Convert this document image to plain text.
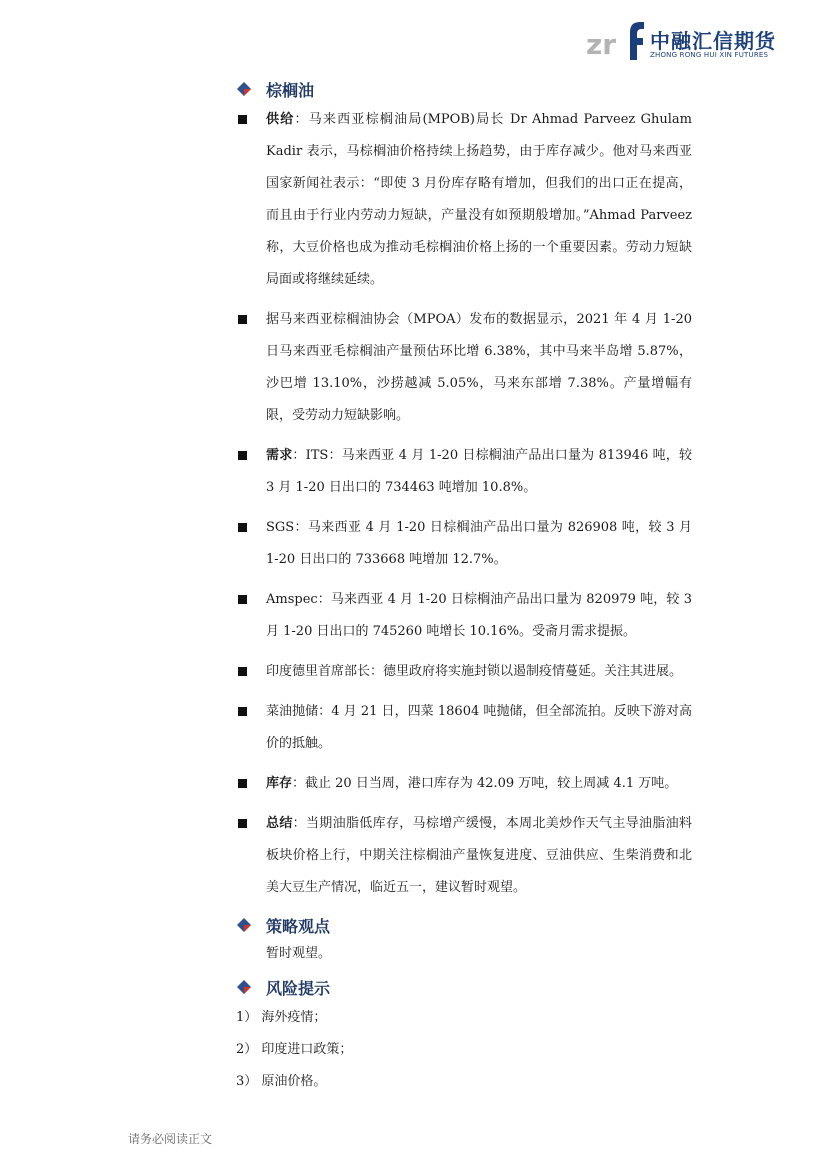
zr 中融汇信期货
ZHONG RONG HUI XIN FUTURES
棕榈油
供给：马来西亚棕榈油局(MPOB)局长 Dr Ahmad Parveez Ghulam Kadir 表示，马棕榈油价格持续上扬趋势，由于库存减少。他对马来西亚国家新闻社表示：“即使 3 月份库存略有增加，但我们的出口正在提高，而且由于行业内劳动力短缺，产量没有如预期般增加。”Ahmad Parveez 称，大豆价格也成为推动毛棕榈油价格上扬的一个重要因素。劳动力短缺局面或将继续延续。
据马来西亚棕榈油协会（MPOA）发布的数据显示，2021 年 4 月 1-20 日马来西亚毛棕榈油产量预估环比增 6.38%，其中马来半岛增 5.87%，沙巴增 13.10%，沙捞越减 5.05%，马来东部增 7.38%。产量增幅有限，受劳动力短缺影响。
需求：ITS：马来西亚 4 月 1-20 日棕榈油产品出口量为 813946 吨，较 3 月 1-20 日出口的 734463 吨增加 10.8%。
SGS：马来西亚 4 月 1-20 日棕榈油产品出口量为 826908 吨，较 3 月 1-20 日出口的 733668 吨增加 12.7%。
Amspec：马来西亚 4 月 1-20 日棕榈油产品出口量为 820979 吨，较 3 月 1-20 日出口的 745260 吨增长 10.16%。受斋月需求提振。
印度德里首席部长：德里政府将实施封锁以遏制疫情蔓延。关注其进展。
菜油抛储：4 月 21 日，四菜 18604 吨抛储，但全部流拍。反映下游对高价的抵触。
库存：截止 20 日当周，港口库存为 42.09 万吨，较上周减 4.1 万吨。
总结：当期油脂低库存，马棕增产缓慢，本周北美炒作天气主导油脂油料板块价格上行，中期关注棕榈油产量恢复进度、豆油供应、生柴消费和北美大豆生产情况，临近五一，建议暂时观望。
策略观点
暂时观望。
风险提示
1） 海外疫情；
2） 印度进口政策；
3） 原油价格。
请务必阅读正文
